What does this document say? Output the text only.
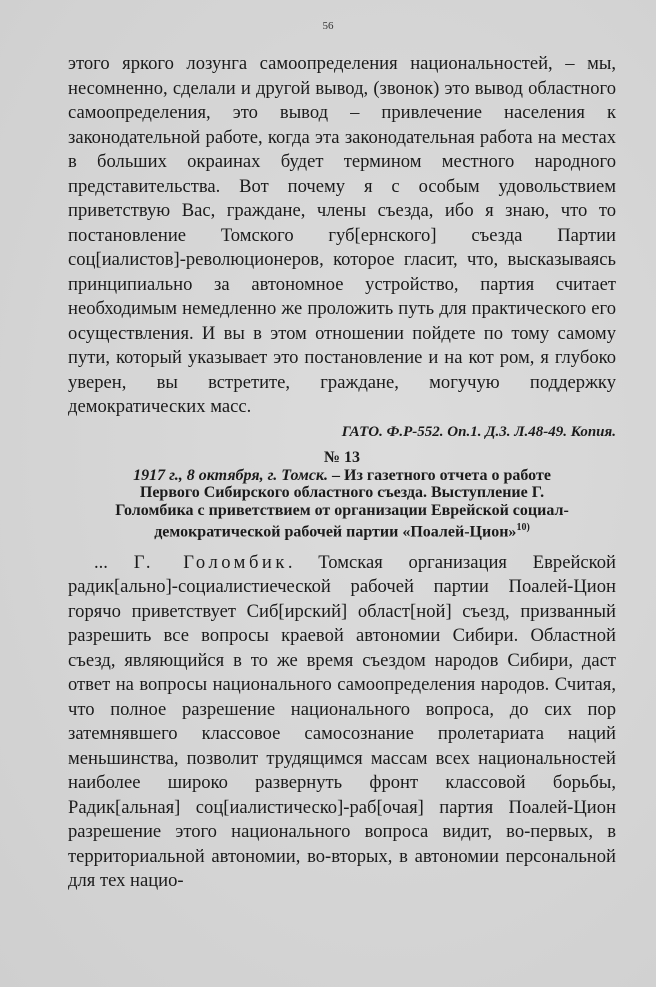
56

этого яркого лозунга самоопределения национальностей, – мы, несомненно, сделали и другой вывод, (звонок) это вывод областного самоопределения, это вывод – привлечение населения к законодательной работе, когда эта законодательная работа на местах в больших окраинах будет термином местного народного представительства. Вот почему я с особым удовольствием приветствую Вас, граждане, члены съезда, ибо я знаю, что то постановление Томского губ[ернского] съезда Партии соц[иалистов]-революционеров, которое гласит, что, высказываясь принципиально за автономное устройство, партия считает необходимым немедленно же проложить путь для практического его осуществления. И вы в этом отношении пойдете по тому самому пути, который указывает это постановление и на кот ром, я глубоко уверен, вы встретите, граждане, могучую поддержку демократических масс.

ГАТО. Ф.Р-552. Оп.1. Д.3. Л.48-49. Копия.

№ 13

1917 г., 8 октября, г. Томск. – Из газетного отчета о работе Первого Сибирского областного съезда. Выступление Г. Голомбика с приветствием от организации Еврейской социал-демократической рабочей партии «Поалей-Цион»$^{10)}$

... Г. Голомбик. Томская организация Еврейской радик[ально]-социалистиеческой рабочей партии Поалей-Цион горячо приветствует Сиб[ирский] област[ной] съезд, призванный разрешить все вопросы краевой автономии Сибири. Областной съезд, являющийся в то же время съездом народов Сибири, даст ответ на вопросы национального самоопределения народов. Считая, что полное разрешение национального вопроса, до сих пор затемнявшего классовое самосознание пролетариата наций меньшинства, позволит трудящимся массам всех национальностей наиболее широко развернуть фронт классовой борьбы, Радик[альная] соц[иалистическо]-раб[очая] партия Поалей-Цион разрешение этого национального вопроса видит, во-первых, в территориальной автономии, во-вторых, в автономии персональной для тех нацио-
